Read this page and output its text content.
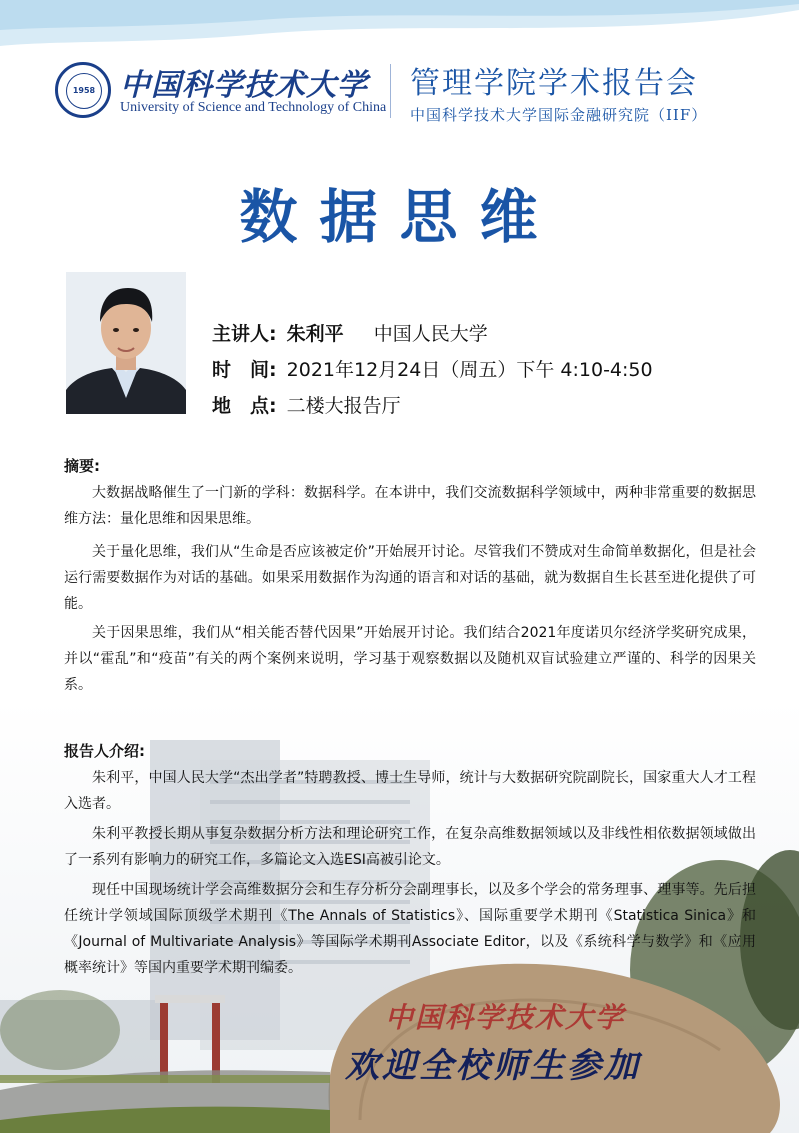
1958 中国科学技术大学
University of Science and Technology of China
管理学院学术报告会
中国科学技术大学国际金融研究院（IIF）
数据思维
主讲人: 朱利平 中国人民大学
时　间: 2021年12月24日（周五）下午 4:10-4:50
地　点: 二楼大报告厅
摘要:

大数据战略催生了一门新的学科：数据科学。在本讲中，我们交流数据科学领域中，两种非常重要的数据思维方法：量化思维和因果思维。

关于量化思维，我们从“生命是否应该被定价”开始展开讨论。尽管我们不赞成对生命简单数据化，但是社会运行需要数据作为对话的基础。如果采用数据作为沟通的语言和对话的基础，就为数据自生长甚至进化提供了可能。

关于因果思维，我们从“相关能否替代因果”开始展开讨论。我们结合2021年度诺贝尔经济学奖研究成果，并以“霍乱”和“疫苗”有关的两个案例来说明，学习基于观察数据以及随机双盲试验建立严谨的、科学的因果关系。

报告人介绍:

朱利平，中国人民大学“杰出学者”特聘教授、博士生导师，统计与大数据研究院副院长，国家重大人才工程入选者。

朱利平教授长期从事复杂数据分析方法和理论研究工作，在复杂高维数据领域以及非线性相依数据领域做出了一系列有影响力的研究工作，多篇论文入选ESI高被引论文。

现任中国现场统计学会高维数据分会和生存分析分会副理事长，以及多个学会的常务理事、理事等。先后担任统计学领域国际顶级学术期刊《The Annals of Statistics》、国际重要学术期刊《Statistica Sinica》和《Journal of Multivariate Analysis》等国际学术期刊Associate Editor，以及《系统科学与数学》和《应用概率统计》等国内重要学术期刊编委。

中国科学技术大学
欢迎全校师生参加
